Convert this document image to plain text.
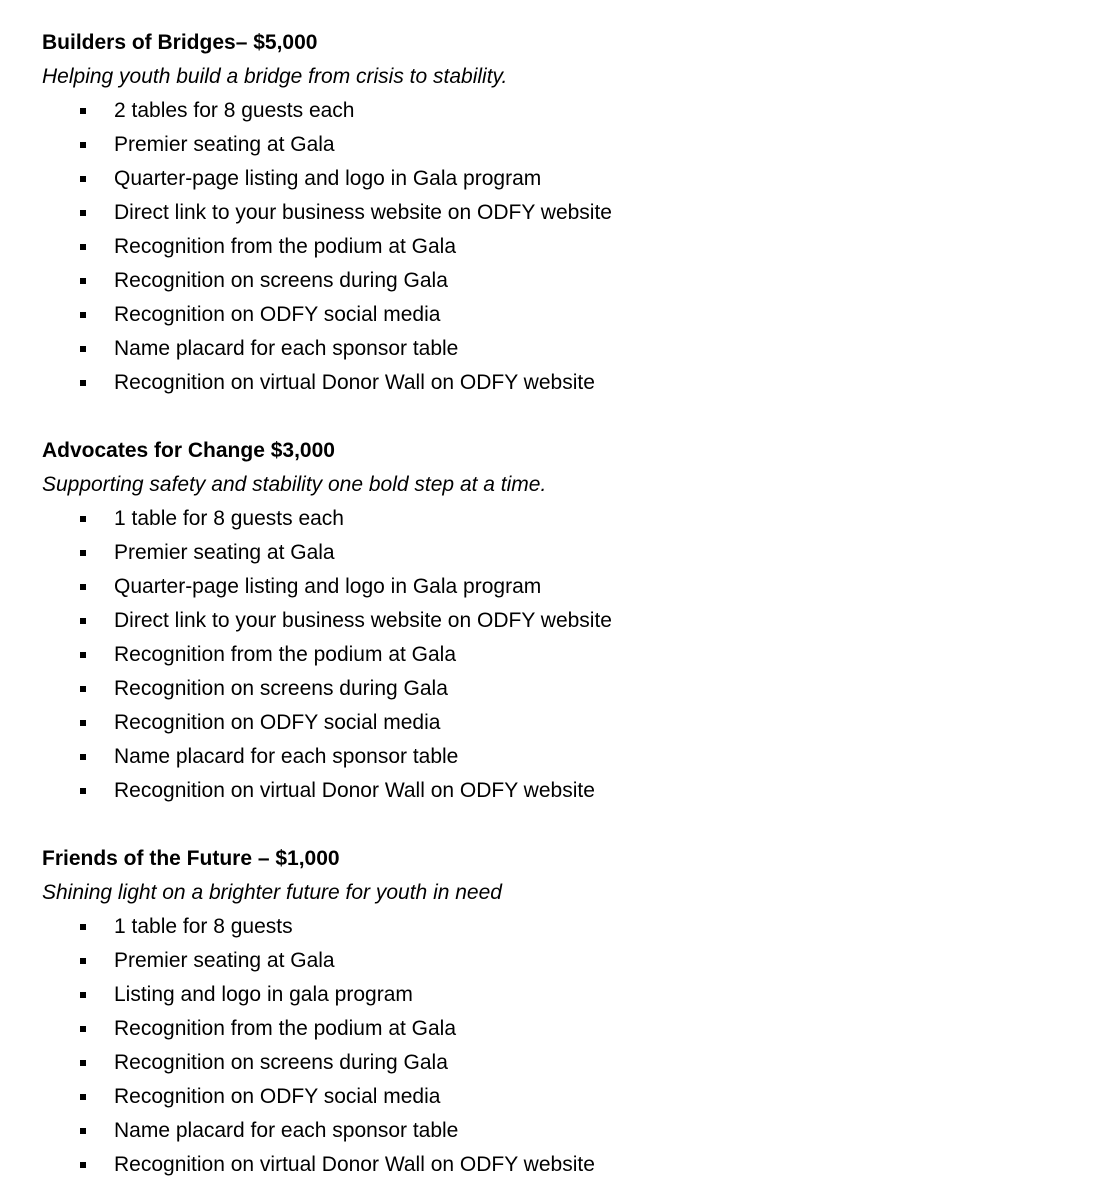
Builders of Bridges– $5,000
Helping youth build a bridge from crisis to stability.
2 tables for 8 guests each
Premier seating at Gala
Quarter-page listing and logo in Gala program
Direct link to your business website on ODFY website
Recognition from the podium at Gala
Recognition on screens during Gala
Recognition on ODFY social media
Name placard for each sponsor table
Recognition on virtual Donor Wall on ODFY website
Advocates for Change $3,000
Supporting safety and stability one bold step at a time.
1 table for 8 guests each
Premier seating at Gala
Quarter-page listing and logo in Gala program
Direct link to your business website on ODFY website
Recognition from the podium at Gala
Recognition on screens during Gala
Recognition on ODFY social media
Name placard for each sponsor table
Recognition on virtual Donor Wall on ODFY website
Friends of the Future – $1,000
Shining light on a brighter future for youth in need
1 table for 8 guests
Premier seating at Gala
Listing and logo in gala program
Recognition from the podium at Gala
Recognition on screens during Gala
Recognition on ODFY social media
Name placard for each sponsor table
Recognition on virtual Donor Wall on ODFY website
